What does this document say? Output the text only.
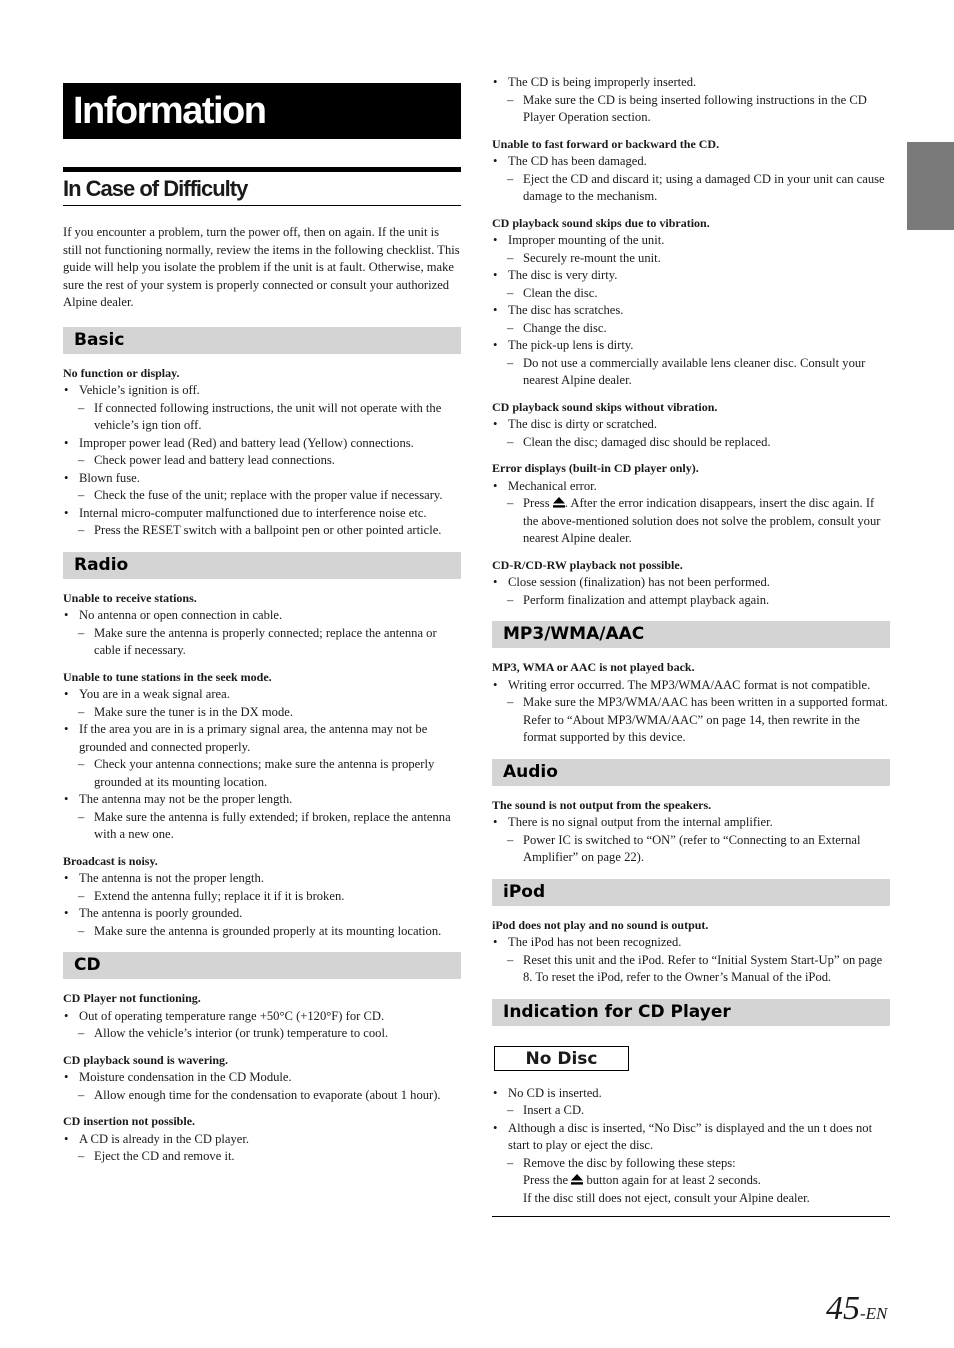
Information
In Case of Difficulty
If you encounter a problem, turn the power off, then on again. If the unit is still not functioning normally, review the items in the following checklist. This guide will help you isolate the problem if the unit is at fault. Otherwise, make sure the rest of your system is properly connected or consult your authorized Alpine dealer.
Basic
No function or display.
• Vehicle’s ignition is off.
– If connected following instructions, the unit will not operate with the vehicle’s ign tion off.
• Improper power lead (Red) and battery lead (Yellow) connections.
– Check power lead and battery lead connections.
• Blown fuse.
– Check the fuse of the unit; replace with the proper value if necessary.
• Internal micro-computer malfunctioned due to interference noise etc.
– Press the RESET switch with a ballpoint pen or other pointed article.
Radio
Unable to receive stations.
• No antenna or open connection in cable.
– Make sure the antenna is properly connected; replace the antenna or cable if necessary.
Unable to tune stations in the seek mode.
• You are in a weak signal area.
– Make sure the tuner is in the DX mode.
• If the area you are in is a primary signal area, the antenna may not be grounded and connected properly.
– Check your antenna connections; make sure the antenna is properly grounded at its mounting location.
• The antenna may not be the proper length.
– Make sure the antenna is fully extended; if broken, replace the antenna with a new one.
Broadcast is noisy.
• The antenna is not the proper length.
– Extend the antenna fully; replace it if it is broken.
• The antenna is poorly grounded.
– Make sure the antenna is grounded properly at its mounting location.
CD
CD Player not functioning.
• Out of operating temperature range +50°C (+120°F) for CD.
– Allow the vehicle’s interior (or trunk) temperature to cool.
CD playback sound is wavering.
• Moisture condensation in the CD Module.
– Allow enough time for the condensation to evaporate (about 1 hour).
CD insertion not possible.
• A CD is already in the CD player.
– Eject the CD and remove it.
• The CD is being improperly inserted.
– Make sure the CD is being inserted following instructions in the CD Player Operation section.
Unable to fast forward or backward the CD.
• The CD has been damaged.
– Eject the CD and discard it; using a damaged CD in your unit can cause damage to the mechanism.
CD playback sound skips due to vibration.
• Improper mounting of the unit.
– Securely re-mount the unit.
• The disc is very dirty.
– Clean the disc.
• The disc has scratches.
– Change the disc.
• The pick-up lens is dirty.
– Do not use a commercially available lens cleaner disc. Consult your nearest Alpine dealer.
CD playback sound skips without vibration.
• The disc is dirty or scratched.
– Clean the disc; damaged disc should be replaced.
Error displays (built-in CD player only).
• Mechanical error.
– Press . After the error indication disappears, insert the disc again. If the above-mentioned solution does not solve the problem, consult your nearest Alpine dealer.
CD-R/CD-RW playback not possible.
• Close session (finalization) has not been performed.
– Perform finalization and attempt playback again.
MP3/WMA/AAC
MP3, WMA or AAC is not played back.
• Writing error occurred. The MP3/WMA/AAC format is not compatible.
– Make sure the MP3/WMA/AAC has been written in a supported format. Refer to “About MP3/WMA/AAC” on page 14, then rewrite in the format supported by this device.
Audio
The sound is not output from the speakers.
• There is no signal output from the internal amplifier.
– Power IC is switched to “ON” (refer to “Connecting to an External Amplifier” on page 22).
iPod
iPod does not play and no sound is output.
• The iPod has not been recognized.
– Reset this unit and the iPod. Refer to “Initial System Start-Up” on page 8. To reset the iPod, refer to the Owner’s Manual of the iPod.
Indication for CD Player
No Disc
• No CD is inserted.
– Insert a CD.
• Although a disc is inserted, “No Disc” is displayed and the un t does not start to play or eject the disc.
– Remove the disc by following these steps:
Press the button again for at least 2 seconds.
If the disc still does not eject, consult your Alpine dealer.
45-EN
